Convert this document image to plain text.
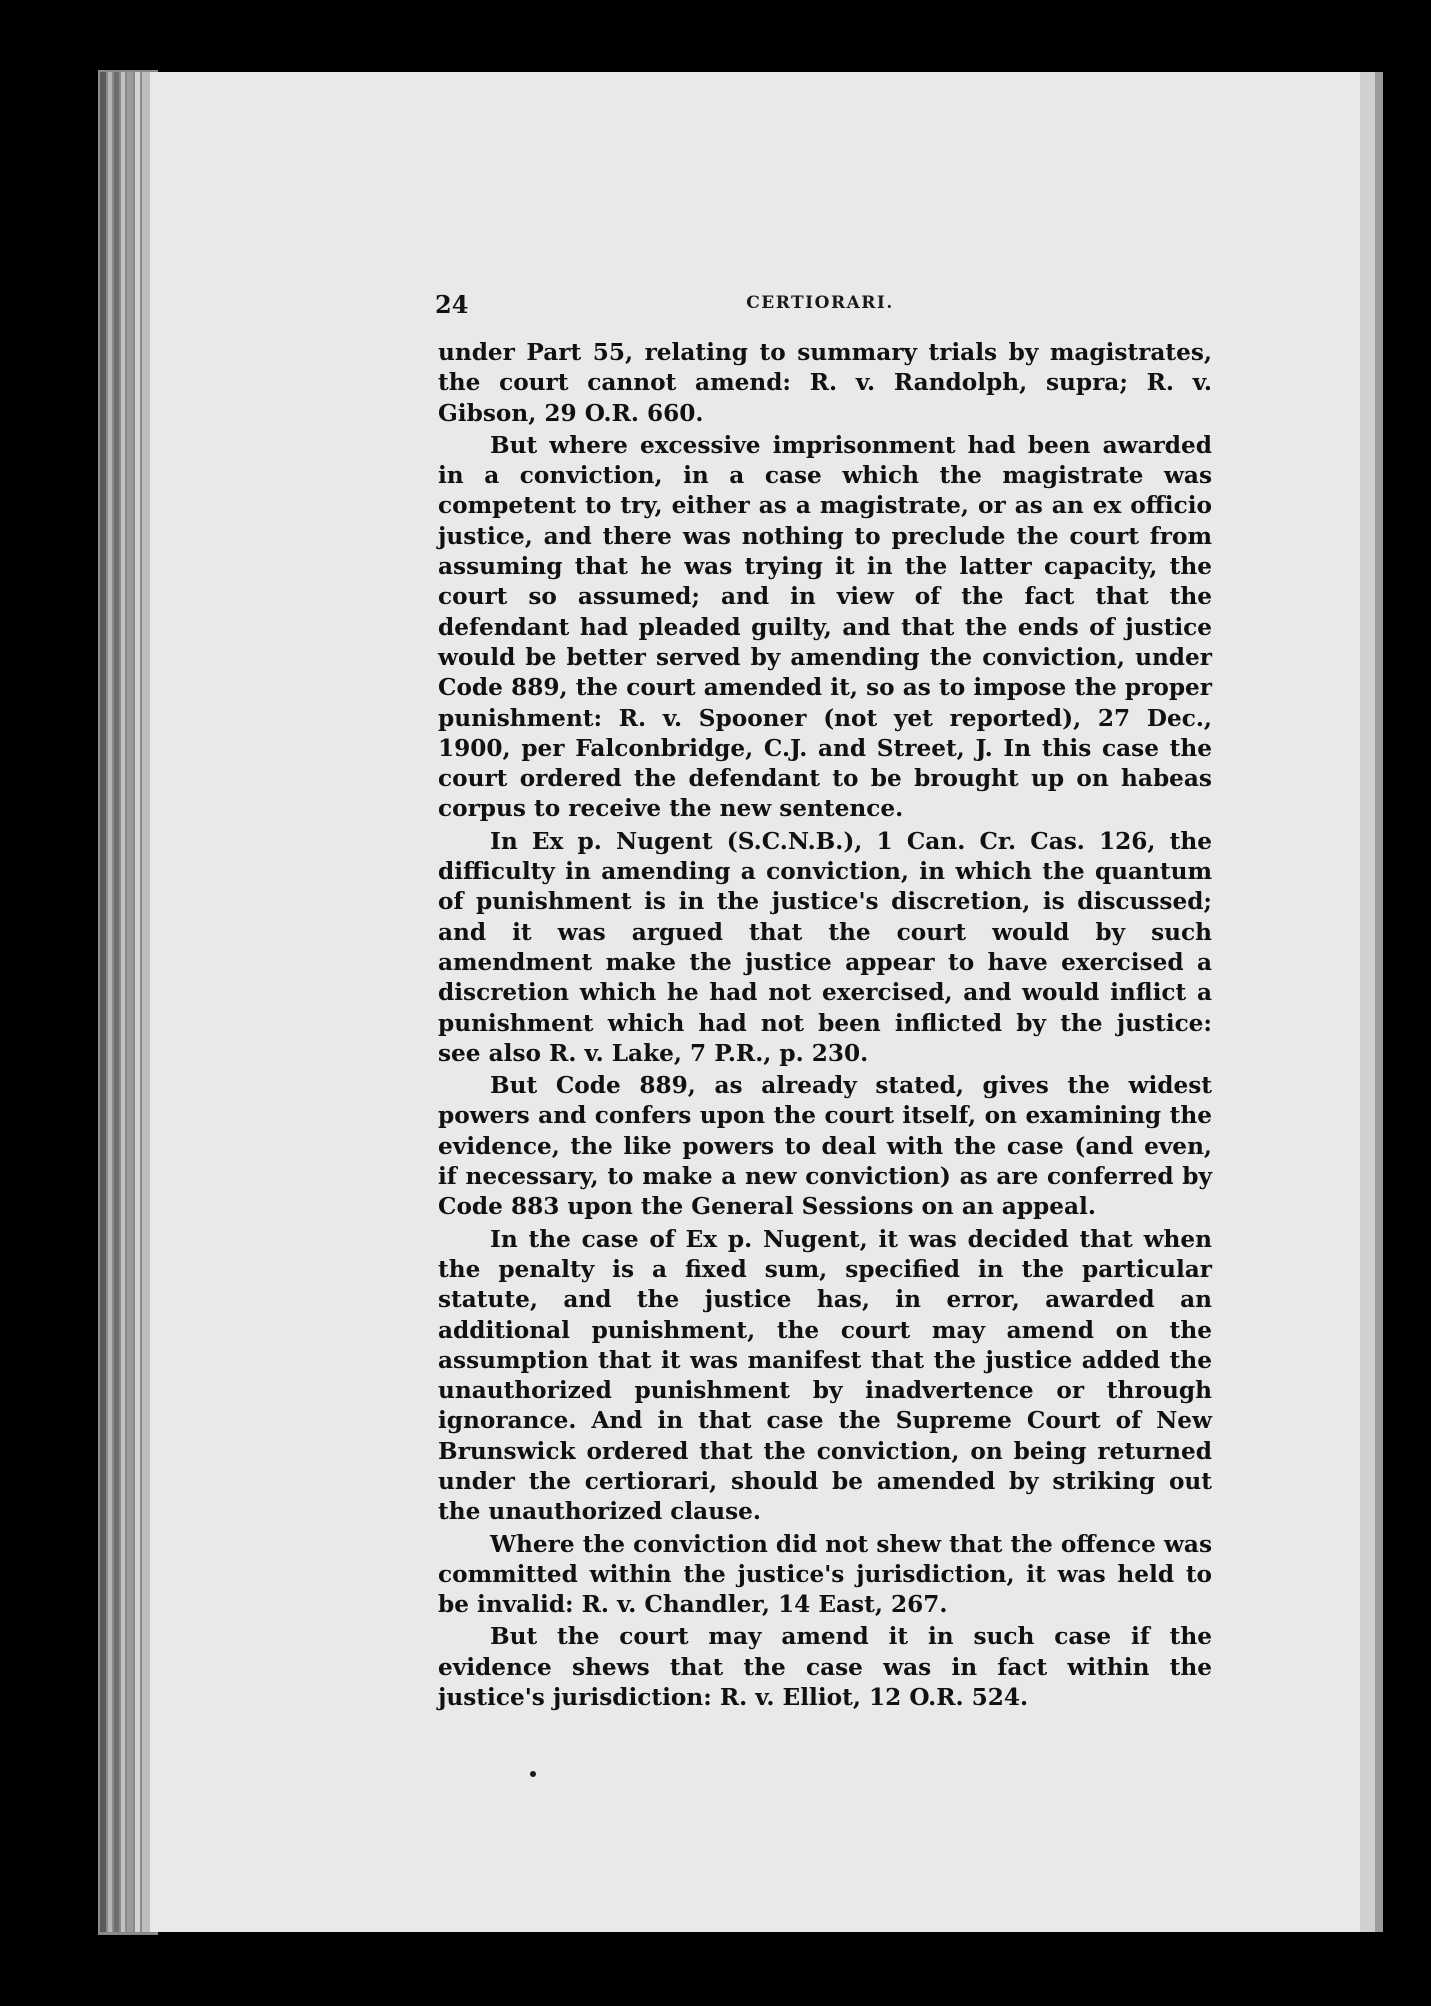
24	CERTIORARI.

under Part 55, relating to summary trials by magistrates, the court cannot amend: R. v. Randolph, supra; R. v. Gibson, 29 O.R. 660.

But where excessive imprisonment had been awarded in a conviction, in a case which the magistrate was competent to try, either as a magistrate, or as an ex officio justice, and there was nothing to preclude the court from assuming that he was trying it in the latter capacity, the court so assumed; and in view of the fact that the defendant had pleaded guilty, and that the ends of justice would be better served by amending the conviction, under Code 889, the court amended it, so as to impose the proper punishment: R. v. Spooner (not yet reported), 27 Dec., 1900, per Falconbridge, C.J. and Street, J. In this case the court ordered the defendant to be brought up on habeas corpus to receive the new sentence.

In Ex p. Nugent (S.C.N.B.), 1 Can. Cr. Cas. 126, the difficulty in amending a conviction, in which the quantum of punishment is in the justice's discretion, is discussed; and it was argued that the court would by such amendment make the justice appear to have exercised a discretion which he had not exercised, and would inflict a punishment which had not been inflicted by the justice: see also R. v. Lake, 7 P.R., p. 230.

But Code 889, as already stated, gives the widest powers and confers upon the court itself, on examining the evidence, the like powers to deal with the case (and even, if necessary, to make a new conviction) as are conferred by Code 883 upon the General Sessions on an appeal.

In the case of Ex p. Nugent, it was decided that when the penalty is a fixed sum, specified in the particular statute, and the justice has, in error, awarded an additional punishment, the court may amend on the assumption that it was manifest that the justice added the unauthorized punishment by inadvertence or through ignorance. And in that case the Supreme Court of New Brunswick ordered that the conviction, on being returned under the certiorari, should be amended by striking out the unauthorized clause.

Where the conviction did not shew that the offence was committed within the justice's jurisdiction, it was held to be invalid: R. v. Chandler, 14 East, 267.

But the court may amend it in such case if the evidence shews that the case was in fact within the justice's jurisdiction: R. v. Elliot, 12 O.R. 524.
